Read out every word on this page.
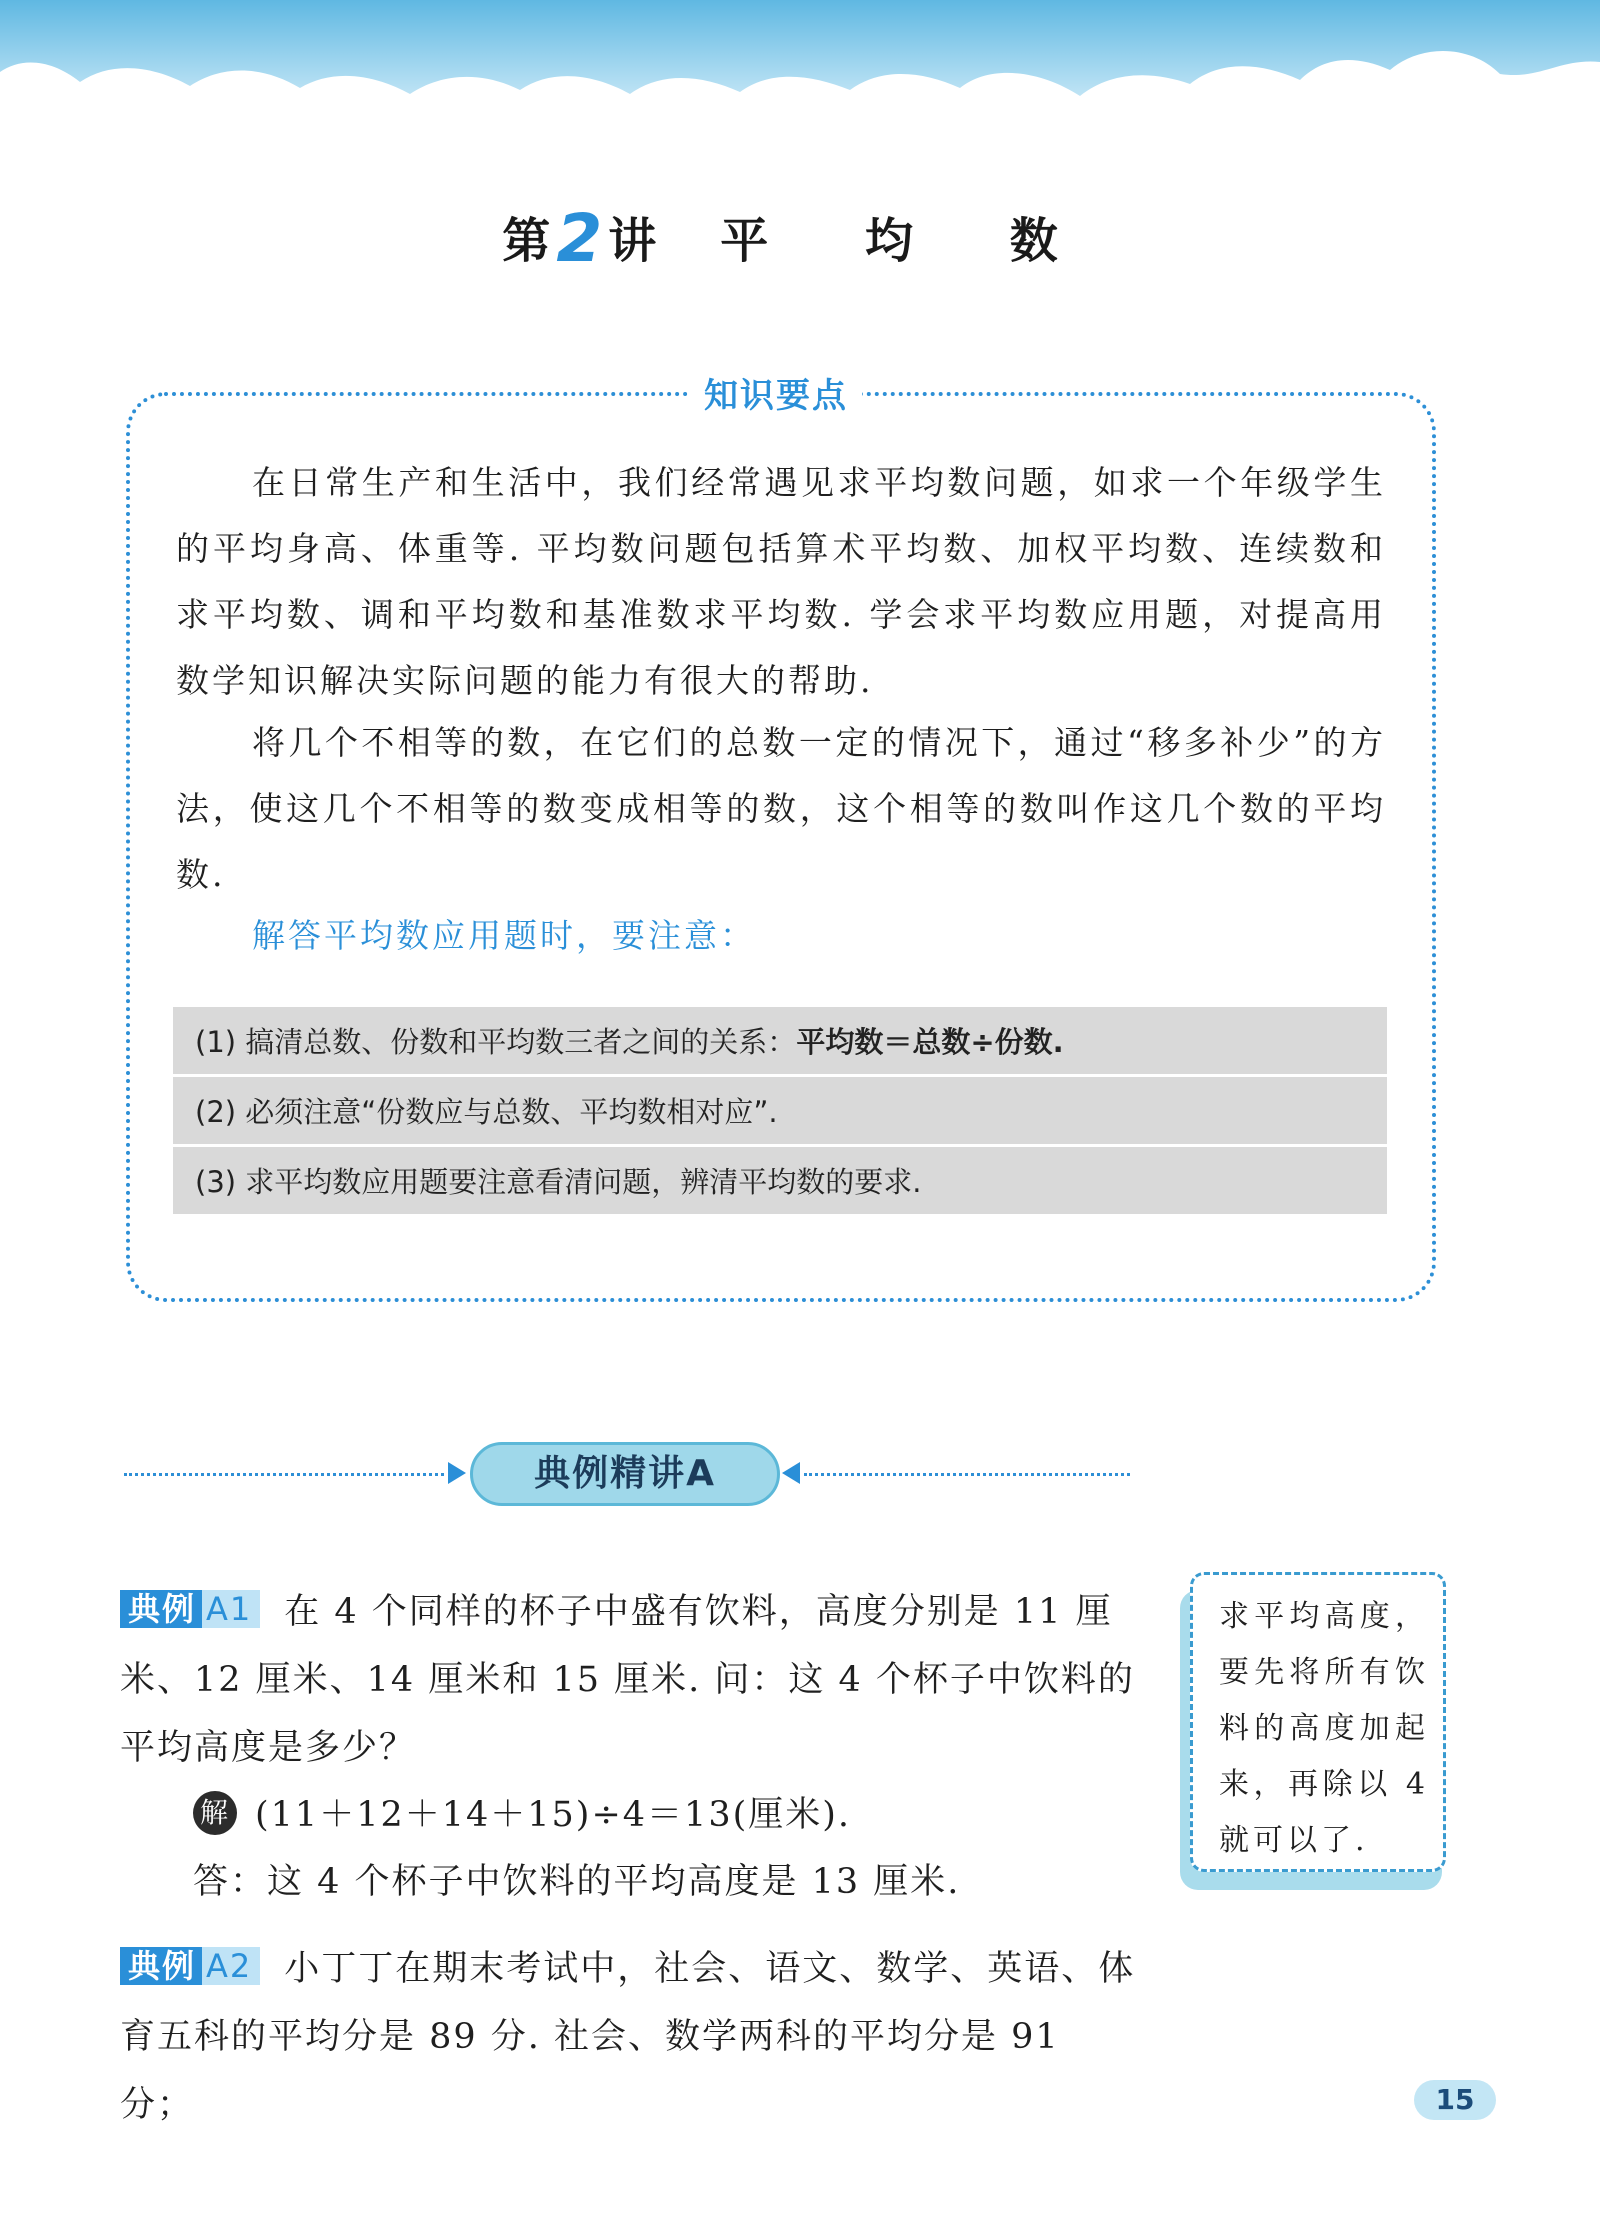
第2讲 平 均 数
知识要点
在日常生产和生活中，我们经常遇见求平均数问题，如求一个年级学生的平均身高、体重等. 平均数问题包括算术平均数、加权平均数、连续数和求平均数、调和平均数和基准数求平均数. 学会求平均数应用题，对提高用数学知识解决实际问题的能力有很大的帮助.
将几个不相等的数，在它们的总数一定的情况下，通过“移多补少”的方法，使这几个不相等的数变成相等的数，这个相等的数叫作这几个数的平均数.
解答平均数应用题时，要注意：
(1) 搞清总数、份数和平均数三者之间的关系：平均数＝总数÷份数.
(2) 必须注意“份数应与总数、平均数相对应”.
(3) 求平均数应用题要注意看清问题，辨清平均数的要求.
典例精讲A
典例 A1 在 4 个同样的杯子中盛有饮料，高度分别是 11 厘米、12 厘米、14 厘米和 15 厘米. 问：这 4 个杯子中饮料的平均高度是多少？
解 (11＋12＋14＋15)÷4＝13(厘米).
答：这 4 个杯子中饮料的平均高度是 13 厘米.
典例 A2 小丁丁在期末考试中，社会、语文、数学、英语、体育五科的平均分是 89 分. 社会、数学两科的平均分是 91 分；
求平均高度，要先将所有饮料的高度加起来，再除以 4 就可以了.
15
